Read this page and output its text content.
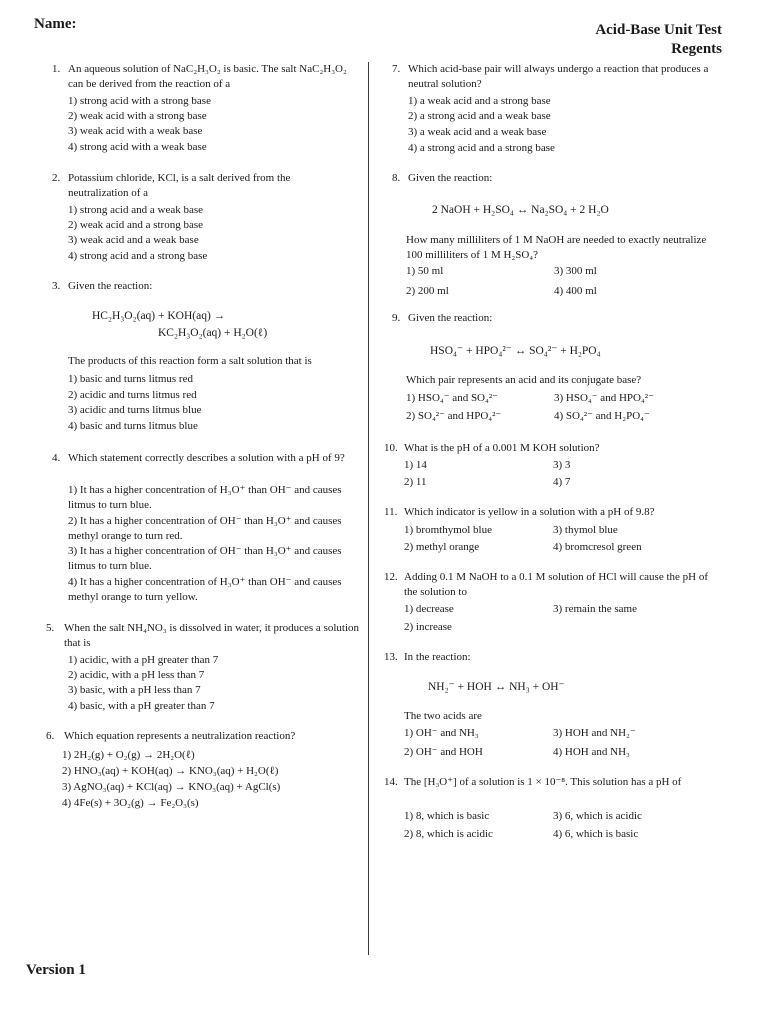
Name:	Acid-Base Unit Test
Regents
Version 1
1. An aqueous solution of NaC₂H₃O₂ is basic. The salt NaC₂H₃O₂ can be derived from the reaction of a
1) strong acid with a strong base
2) weak acid with a strong base
3) weak acid with a weak base
4) strong acid with a weak base
2. Potassium chloride, KCl, is a salt derived from the neutralization of a
1) strong acid and a weak base
2) weak acid and a strong base
3) weak acid and a weak base
4) strong acid and a strong base
3. Given the reaction:
HC₂H₃O₂(aq) + KOH(aq) →
KC₂H₃O₂(aq) + H₂O(ℓ)
The products of this reaction form a salt solution that is
1) basic and turns litmus red
2) acidic and turns litmus red
3) acidic and turns litmus blue
4) basic and turns litmus blue
4. Which statement correctly describes a solution with a pH of 9?
1) It has a higher concentration of H₃O⁺ than OH⁻ and causes litmus to turn blue.
2) It has a higher concentration of OH⁻ than H₃O⁺ and causes methyl orange to turn red.
3) It has a higher concentration of OH⁻ than H₃O⁺ and causes litmus to turn blue.
4) It has a higher concentration of H₃O⁺ than OH⁻ and causes methyl orange to turn yellow.
5. When the salt NH₄NO₃ is dissolved in water, it produces a solution that is
1) acidic, with a pH greater than 7
2) acidic, with a pH less than 7
3) basic, with a pH less than 7
4) basic, with a pH greater than 7
6. Which equation represents a neutralization reaction?
1) 2H₂(g) + O₂(g) → 2H₂O(ℓ)
2) HNO₃(aq) + KOH(aq) → KNO₃(aq) + H₂O(ℓ)
3) AgNO₃(aq) + KCl(aq) → KNO₃(aq) + AgCl(s)
4) 4Fe(s) + 3O₂(g) → Fe₂O₃(s)
7. Which acid-base pair will always undergo a reaction that produces a neutral solution?
1) a weak acid and a strong base
2) a strong acid and a weak base
3) a weak acid and a weak base
4) a strong acid and a strong base
8. Given the reaction:
2 NaOH + H₂SO₄ ↔ Na₂SO₄ + 2 H₂O
How many milliliters of 1 M NaOH are needed to exactly neutralize 100 milliliters of 1 M H₂SO₄?
1) 50 ml	3) 300 ml
2) 200 ml	4) 400 ml
9. Given the reaction:
HSO₄⁻ + HPO₄²⁻ ↔ SO₄²⁻ + H₂PO₄
Which pair represents an acid and its conjugate base?
1) HSO₄⁻ and SO₄²⁻	3) HSO₄⁻ and HPO₄²⁻
2) SO₄²⁻ and HPO₄²⁻	4) SO₄²⁻ and H₂PO₄⁻
10. What is the pH of a 0.001 M KOH solution?
1) 14	3) 3
2) 11	4) 7
11. Which indicator is yellow in a solution with a pH of 9.8?
1) bromthymol blue	3) thymol blue
2) methyl orange	4) bromcresol green
12. Adding 0.1 M NaOH to a 0.1 M solution of HCl will cause the pH of the solution to
1) decrease	3) remain the same
2) increase
13. In the reaction:
NH₂⁻ + HOH ↔ NH₃ + OH⁻
The two acids are
1) OH⁻ and NH₃	3) HOH and NH₂⁻
2) OH⁻ and HOH	4) HOH and NH₃
14. The [H₃O⁺] of a solution is 1 × 10⁻⁸. This solution has a pH of
1) 8, which is basic	3) 6, which is acidic
2) 8, which is acidic	4) 6, which is basic
